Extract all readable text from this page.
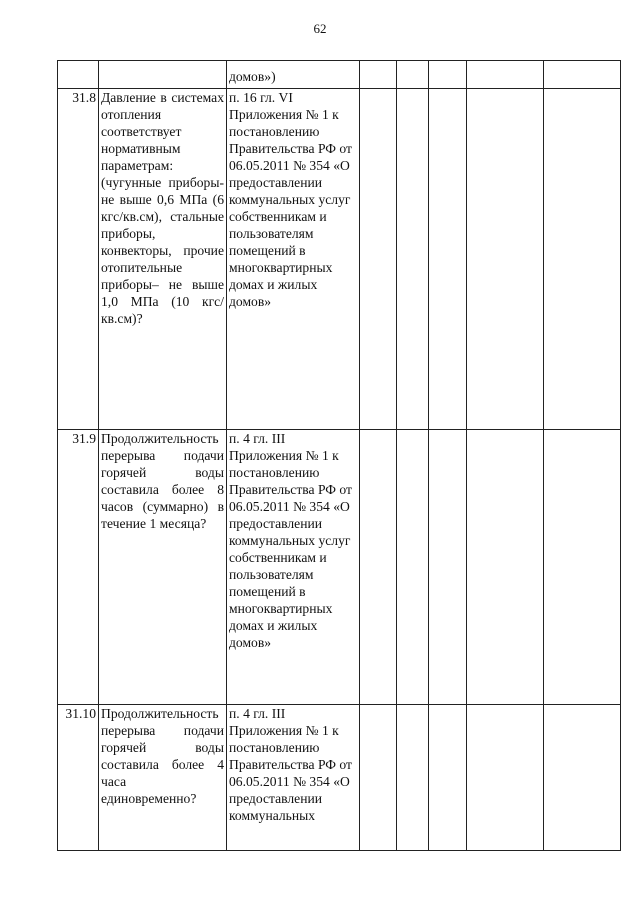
62

		домов»)					

31.8	Давление в системах отопления соответствует нормативным параметрам: (чугунные приборы- не выше 0,6 МПа (6 кгс/кв.см), стальные приборы, конвекторы, прочие отопительные приборы– не выше 1,0 МПа (10 кгс/кв.см)?	п. 16 гл. VI Приложения № 1 к постановлению Правительства РФ от 06.05.2011 № 354 «О предоставлении коммунальных услуг собственникам и пользователям помещений в многоквартирных домах и жилых домов»					
31.9	Продолжительность перерыва подачи горячей воды составила более 8 часов (суммарно) в течение 1 месяца?	п. 4 гл. III Приложения № 1 к постановлению Правительства РФ от 06.05.2011 № 354 «О предоставлении коммунальных услуг собственникам и пользователям помещений в многоквартирных домах и жилых домов»					
31.10	Продолжительность перерыва подачи горячей воды составила более 4 часа единовременно?	п. 4 гл. III Приложения № 1 к постановлению Правительства РФ от 06.05.2011 № 354 «О предоставлении коммунальных					
